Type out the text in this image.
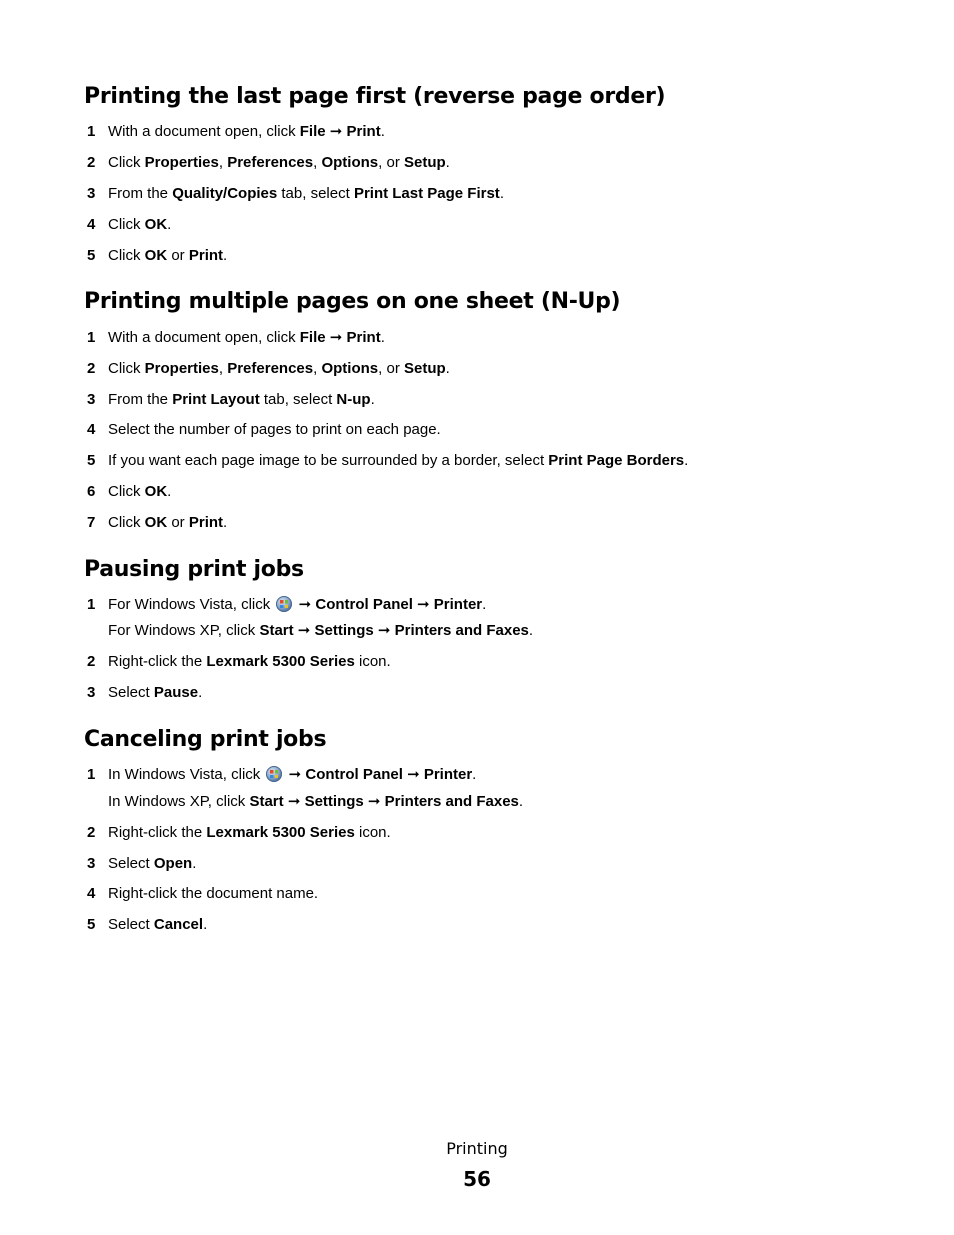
Printing the last page first (reverse page order)
1 With a document open, click File ➞ Print.
2 Click Properties, Preferences, Options, or Setup.
3 From the Quality/Copies tab, select Print Last Page First.
4 Click OK.
5 Click OK or Print.
Printing multiple pages on one sheet (N-Up)
1 With a document open, click File ➞ Print.
2 Click Properties, Preferences, Options, or Setup.
3 From the Print Layout tab, select N-up.
4 Select the number of pages to print on each page.
5 If you want each page image to be surrounded by a border, select Print Page Borders.
6 Click OK.
7 Click OK or Print.
Pausing print jobs
1 For Windows Vista, click  ➞ Control Panel ➞ Printer.
For Windows XP, click Start ➞ Settings ➞ Printers and Faxes.
2 Right-click the Lexmark 5300 Series icon.
3 Select Pause.
Canceling print jobs
1 In Windows Vista, click  ➞ Control Panel ➞ Printer.
In Windows XP, click Start ➞ Settings ➞ Printers and Faxes.
2 Right-click the Lexmark 5300 Series icon.
3 Select Open.
4 Right-click the document name.
5 Select Cancel.
Printing
56
